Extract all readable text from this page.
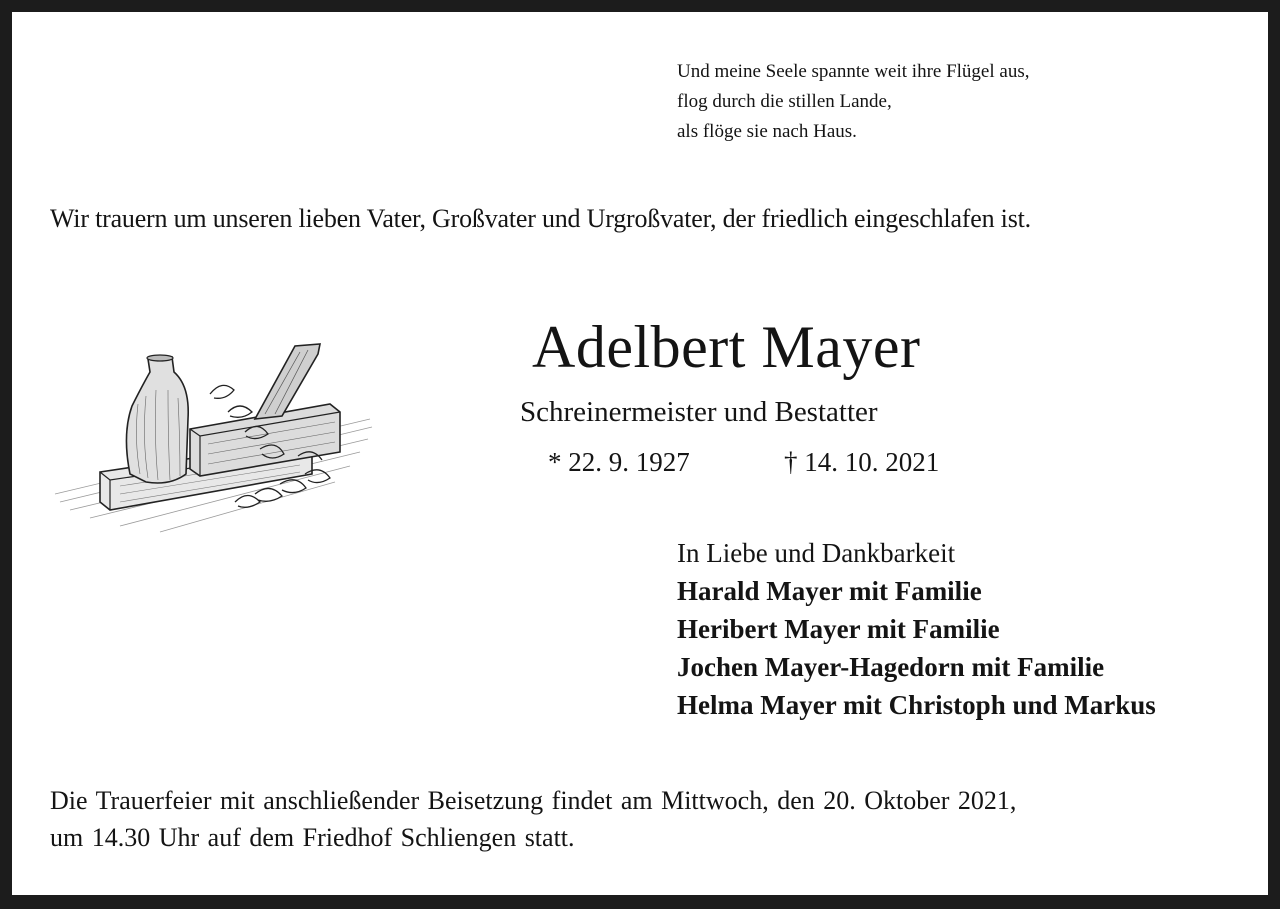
Und meine Seele spannte weit ihre Flügel aus,
flog durch die stillen Lande,
als flöge sie nach Haus.
Wir trauern um unseren lieben Vater, Großvater und Urgroßvater, der friedlich eingeschlafen ist.
Adelbert Mayer
Schreinermeister und Bestatter
* 22. 9. 1927	† 14. 10. 2021
In Liebe und Dankbarkeit
Harald Mayer mit Familie
Heribert Mayer mit Familie
Jochen Mayer-Hagedorn mit Familie
Helma Mayer mit Christoph und Markus
Die Trauerfeier mit anschließender Beisetzung findet am Mittwoch, den 20. Oktober 2021,
um 14.30 Uhr auf dem Friedhof Schliengen statt.
